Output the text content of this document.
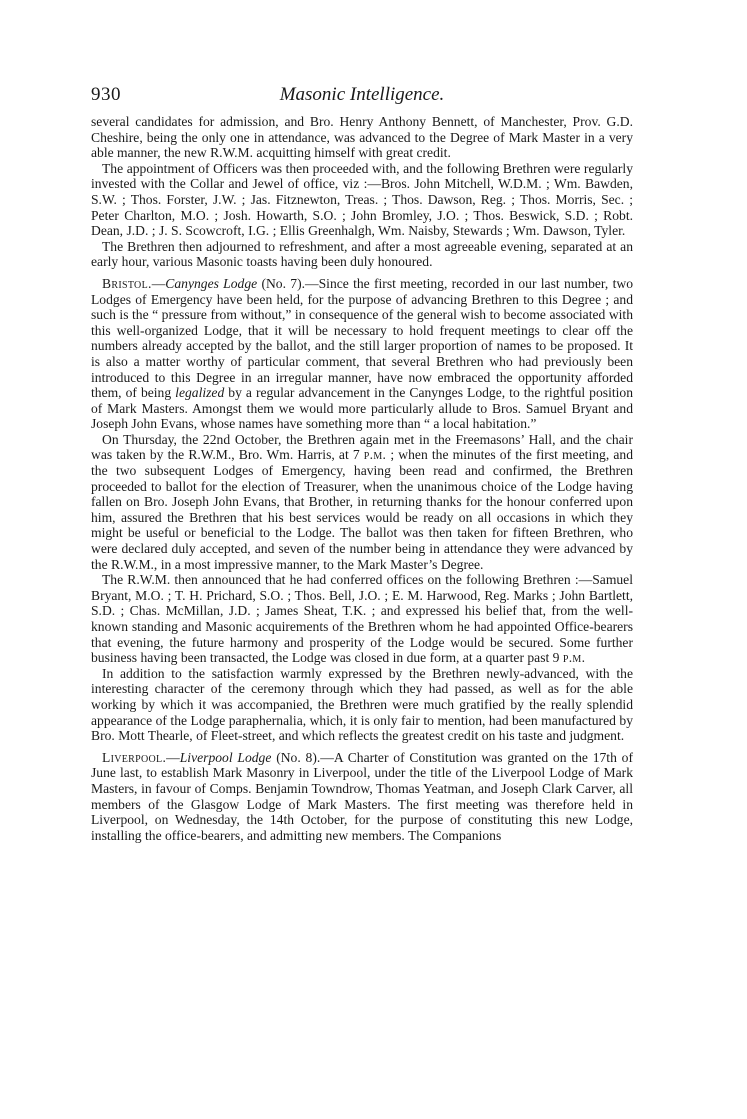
930	Masonic Intelligence.

several candidates for admission, and Bro. Henry Anthony Bennett, of Manchester, Prov. G.D. Cheshire, being the only one in attendance, was advanced to the Degree of Mark Master in a very able manner, the new R.W.M. acquitting himself with great credit.

The appointment of Officers was then proceeded with, and the following Brethren were regularly invested with the Collar and Jewel of office, viz :—Bros. John Mitchell, W.D.M. ; Wm. Bawden, S.W. ; Thos. Forster, J.W. ; Jas. Fitznewton, Treas. ; Thos. Dawson, Reg. ; Thos. Morris, Sec. ; Peter Charlton, M.O. ; Josh. Howarth, S.O. ; John Bromley, J.O. ; Thos. Beswick, S.D. ; Robt. Dean, J.D. ; J. S. Scowcroft, I.G. ; Ellis Greenhalgh, Wm. Naisby, Stewards ; Wm. Dawson, Tyler.

The Brethren then adjourned to refreshment, and after a most agreeable evening, separated at an early hour, various Masonic toasts having been duly honoured.

Bristol.—Canynges Lodge (No. 7).—Since the first meeting, recorded in our last number, two Lodges of Emergency have been held, for the purpose of advancing Brethren to this Degree ; and such is the “ pressure from without,” in consequence of the general wish to become associated with this well-organized Lodge, that it will be necessary to hold frequent meetings to clear off the numbers already accepted by the ballot, and the still larger proportion of names to be proposed. It is also a matter worthy of particular comment, that several Brethren who had previously been introduced to this Degree in an irregular manner, have now embraced the opportunity afforded them, of being legalized by a regular advancement in the Canynges Lodge, to the rightful position of Mark Masters. Amongst them we would more particularly allude to Bros. Samuel Bryant and Joseph John Evans, whose names have something more than “ a local habitation.”

On Thursday, the 22nd October, the Brethren again met in the Freemasons’ Hall, and the chair was taken by the R.W.M., Bro. Wm. Harris, at 7 p.m. ; when the minutes of the first meeting, and the two subsequent Lodges of Emergency, having been read and confirmed, the Brethren proceeded to ballot for the election of Treasurer, when the unanimous choice of the Lodge having fallen on Bro. Joseph John Evans, that Brother, in returning thanks for the honour conferred upon him, assured the Brethren that his best services would be ready on all occasions in which they might be useful or beneficial to the Lodge. The ballot was then taken for fifteen Brethren, who were declared duly accepted, and seven of the number being in attendance they were advanced by the R.W.M., in a most impressive manner, to the Mark Master’s Degree.

The R.W.M. then announced that he had conferred offices on the following Brethren :—Samuel Bryant, M.O. ; T. H. Prichard, S.O. ; Thos. Bell, J.O. ; E. M. Harwood, Reg. Marks ; John Bartlett, S.D. ; Chas. McMillan, J.D. ; James Sheat, T.K. ; and expressed his belief that, from the well-known standing and Masonic acquirements of the Brethren whom he had appointed Office-bearers that evening, the future harmony and prosperity of the Lodge would be secured. Some further business having been transacted, the Lodge was closed in due form, at a quarter past 9 p.m.

In addition to the satisfaction warmly expressed by the Brethren newly-advanced, with the interesting character of the ceremony through which they had passed, as well as for the able working by which it was accompanied, the Brethren were much gratified by the really splendid appearance of the Lodge paraphernalia, which, it is only fair to mention, had been manufactured by Bro. Mott Thearle, of Fleet-street, and which reflects the greatest credit on his taste and judgment.

Liverpool.—Liverpool Lodge (No. 8).—A Charter of Constitution was granted on the 17th of June last, to establish Mark Masonry in Liverpool, under the title of the Liverpool Lodge of Mark Masters, in favour of Comps. Benjamin Towndrow, Thomas Yeatman, and Joseph Clark Carver, all members of the Glasgow Lodge of Mark Masters. The first meeting was therefore held in Liverpool, on Wednesday, the 14th October, for the purpose of constituting this new Lodge, installing the office-bearers, and admitting new members. The Companions
